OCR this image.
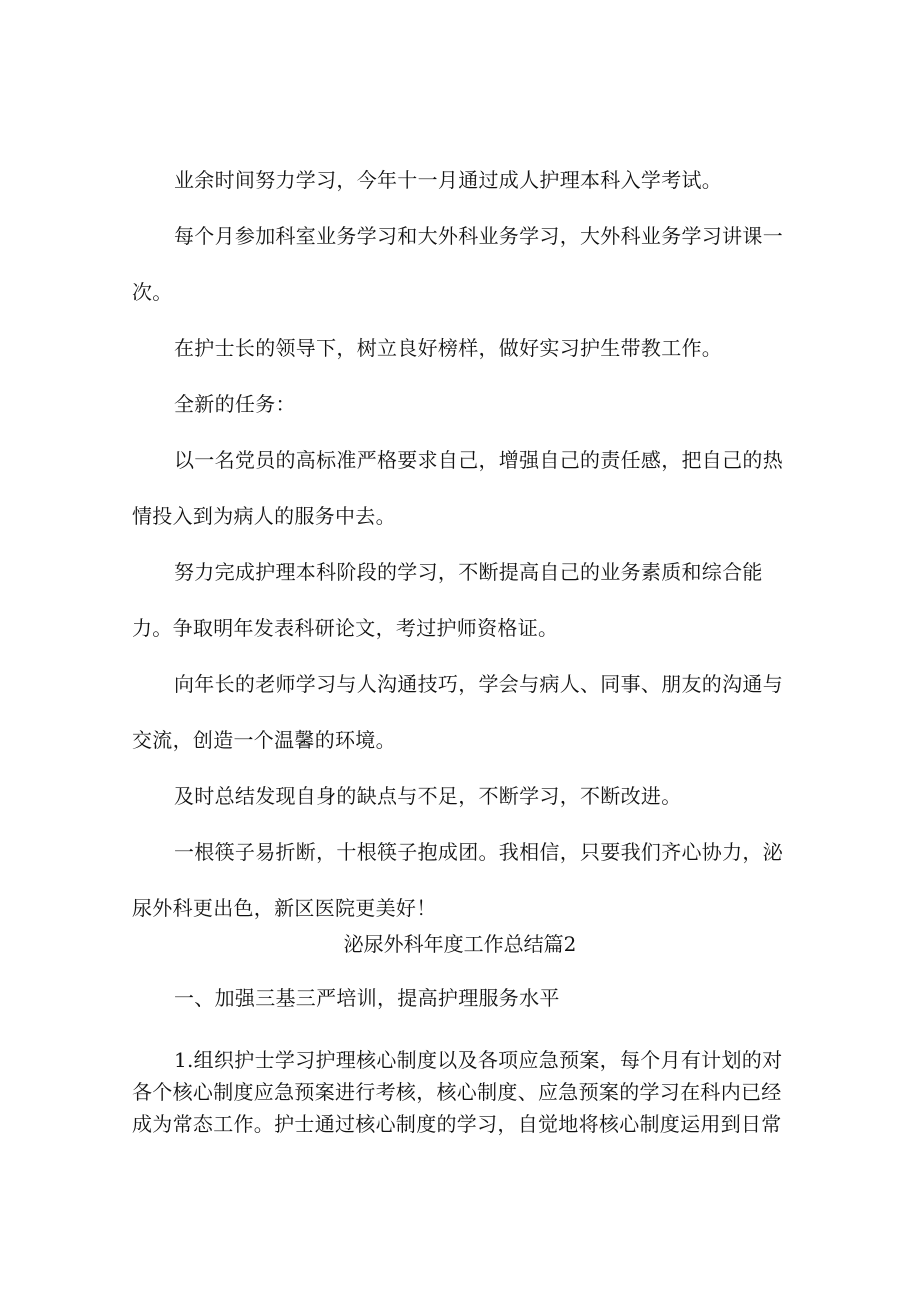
业余时间努力学习，今年十一月通过成人护理本科入学考试。

每个月参加科室业务学习和大外科业务学习，大外科业务学习讲课一次。

在护士长的领导下，树立良好榜样，做好实习护生带教工作。

全新的任务：

以一名党员的高标准严格要求自己，增强自己的责任感，把自己的热情投入到为病人的服务中去。

努力完成护理本科阶段的学习，不断提高自己的业务素质和综合能力。争取明年发表科研论文，考过护师资格证。

向年长的老师学习与人沟通技巧，学会与病人、同事、朋友的沟通与交流，创造一个温馨的环境。

及时总结发现自身的缺点与不足，不断学习，不断改进。

一根筷子易折断，十根筷子抱成团。我相信，只要我们齐心协力，泌尿外科更出色，新区医院更美好！

泌尿外科年度工作总结篇2

一、加强三基三严培训，提高护理服务水平

1.组织护士学习护理核心制度以及各项应急预案，每个月有计划的对各个核心制度应急预案进行考核，核心制度、应急预案的学习在科内已经成为常态工作。护士通过核心制度的学习，自觉地将核心制度运用到日常
